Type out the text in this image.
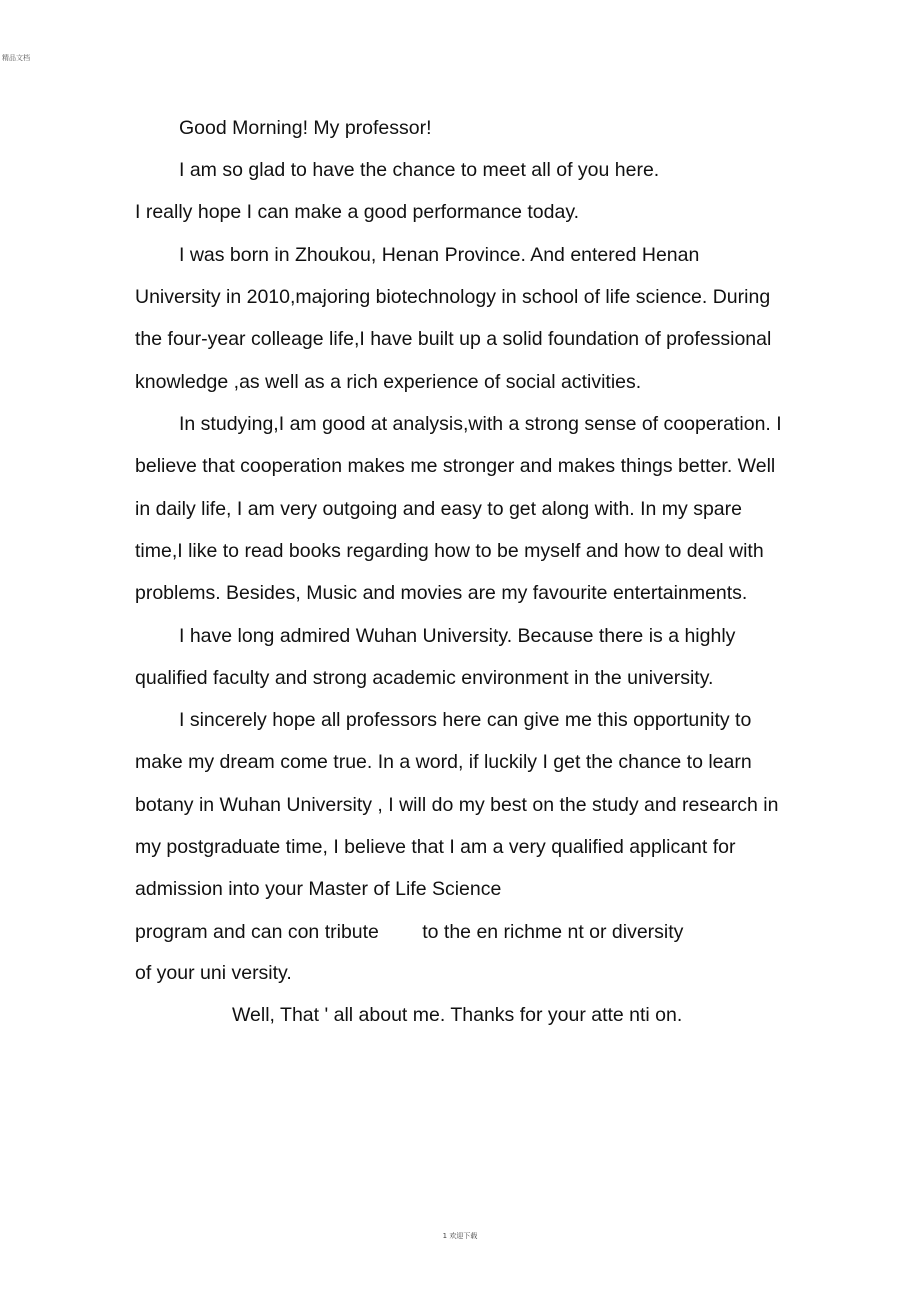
精品文档
Good Morning! My professor!
I am so glad to have the chance to meet all of you here.
I really hope I can make a good performance today.
I was born in Zhoukou, Henan Province. And entered Henan
University in 2010,majoring biotechnology in school of life science. During
the four-year colleage life,I have built up a solid foundation of professional
knowledge ,as well as a rich experience of social activities.
In studying,I am good at analysis,with a strong sense of cooperation. I
believe that cooperation makes me stronger and makes things better. Well
in daily life, I am very outgoing and easy to get along with. In my spare
time,I like to read books regarding how to be myself and how to deal with
problems. Besides, Music and movies are my favourite entertainments.
I have long admired Wuhan University. Because there is a highly
qualified faculty and strong academic environment in the university.
I sincerely hope all professors here can give me this opportunity to
make my dream come true. In a word, if luckily I get the chance to learn
botany in Wuhan University , I will do my best on the study and research in
my postgraduate time, I believe that I am a very qualified applicant for
admission into your Master of Life Science
program and can con tribute        to the en richme nt or diversity
of your uni versity.
Well, That ' all about me. Thanks for your atte nti on.
1 欢迎下载
